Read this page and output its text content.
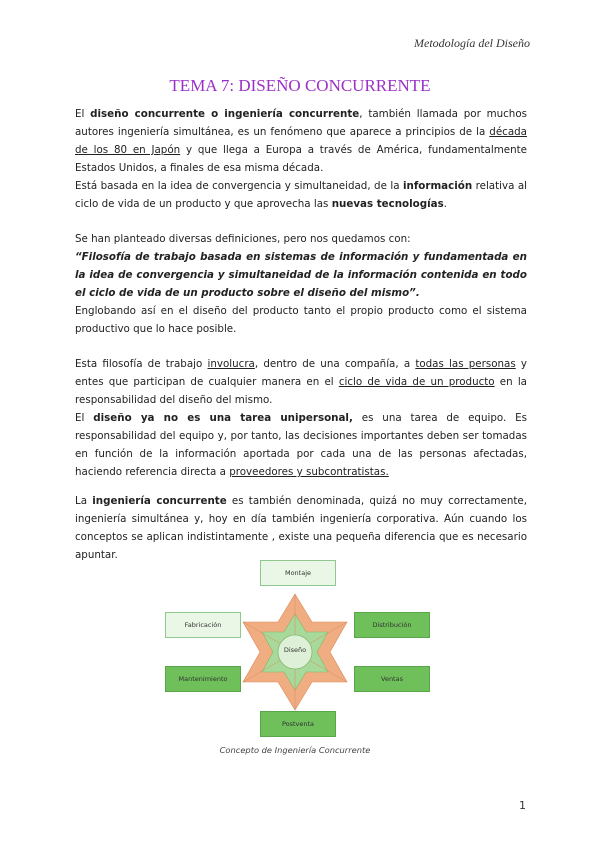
Metodología del Diseño
TEMA 7: DISEÑO CONCURRENTE

El diseño concurrente o ingeniería concurrente, también llamada por muchos autores ingeniería simultánea, es un fenómeno que aparece a principios de la década de los 80 en Japón y que llega a Europa a través de América, fundamentalmente Estados Unidos, a finales de esa misma década.

Está basada en la idea de convergencia y simultaneidad, de la información relativa al ciclo de vida de un producto y que aprovecha las nuevas tecnologías.

Se han planteado diversas definiciones, pero nos quedamos con:

“Filosofía de trabajo basada en sistemas de información y fundamentada en la idea de convergencia y simultaneidad de la información contenida en todo el ciclo de vida de un producto sobre el diseño del mismo”.

Englobando así en el diseño del producto tanto el propio producto como el sistema productivo que lo hace posible.

Esta filosofía de trabajo involucra, dentro de una compañía, a todas las personas y entes que participan de cualquier manera en el ciclo de vida de un producto en la responsabilidad del diseño del mismo.

El diseño ya no es una tarea unipersonal, es una tarea de equipo. Es responsabilidad del equipo y, por tanto, las decisiones importantes deben ser tomadas en función de la información aportada por cada una de las personas afectadas, haciendo referencia directa a proveedores y subcontratistas.

La ingeniería concurrente es también denominada, quizá no muy correctamente, ingeniería simultánea y, hoy en día también ingeniería corporativa. Aún cuando los conceptos se aplican indistintamente , existe una pequeña diferencia que es necesario apuntar.

Diseño
Montaje
Fabricación	Distribución
Mantenimiento	Ventas
Postventa
Concepto de Ingeniería Concurrente
1
